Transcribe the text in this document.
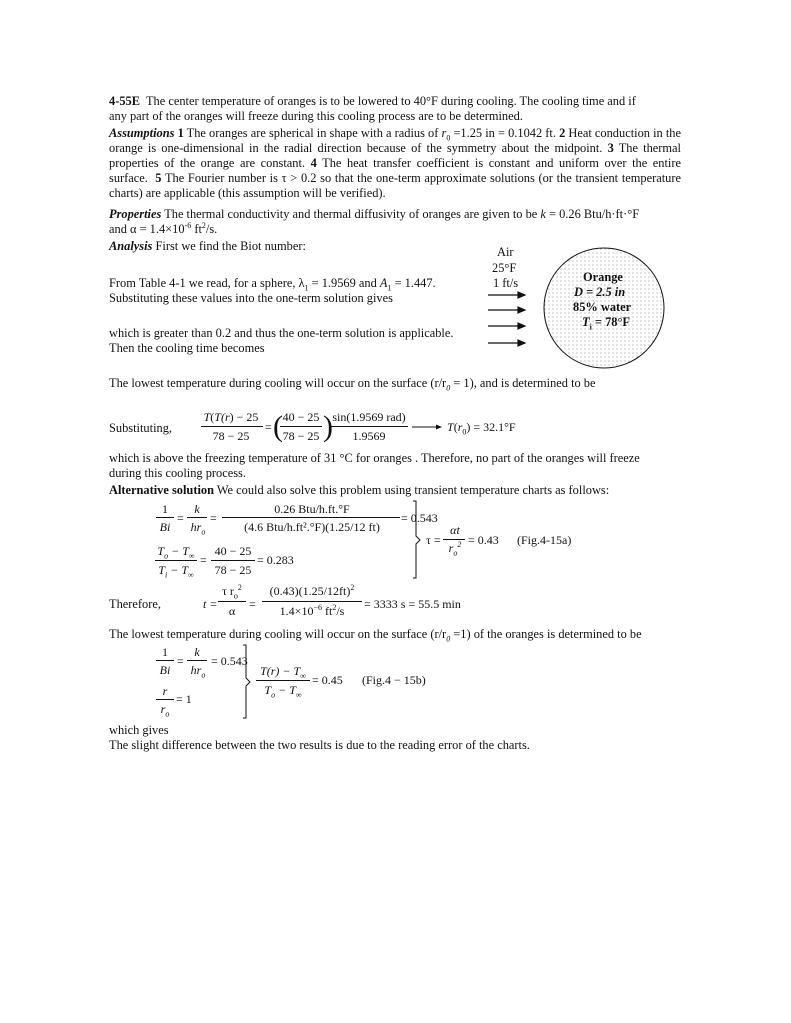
4-55E The center temperature of oranges is to be lowered to 40°F during cooling. The cooling time and if
any part of the oranges will freeze during this cooling process are to be determined.
Assumptions 1 The oranges are spherical in shape with a radius of $r_0 =1.25$ in = 0.1042 ft. 2 Heat conduction in the orange is one-dimensional in the radial direction because of the symmetry about the midpoint. 3 The thermal properties of the orange are constant. 4 The heat transfer coefficient is constant and uniform over the entire surface. 5 The Fourier number is τ > 0.2 so that the one-term approximate solutions (or the transient temperature charts) are applicable (this assumption will be verified).
Properties The thermal conductivity and thermal diffusivity of oranges are given to be k = 0.26 Btu/h·ft·°F
and $\alpha = 1.4\times 10^{-6}$ $ft^2/s$.
Analysis First we find the Biot number:
From Table 4-1 we read, for a sphere, $\lambda_1 = 1.9569$ and $A_1 = 1.447$.
Substituting these values into the one-term solution gives
which is greater than 0.2 and thus the one-term solution is applicable.
Then the cooling time becomes
Air
25°F
1 ft/s	Orange
D = 2.5 in
85% water
$T_i = 78^\circ F$
The lowest temperature during cooling will occur on the surface $(r/r_0 = 1)$, and is determined to be
Substituting,
T(T(r) − 25
78 − 25
= ( 40 − 25
78 − 25 ) sin(1.9569 rad)
1.9569
$T(r_0) = 32.1^\circ F$
which is above the freezing temperature of 31 °C for oranges . Therefore, no part of the oranges will freeze
during this cooling process.
Alternative solution We could also solve this problem using transient temperature charts as follows:
1
Bi
=
k
$hr_o$
=
0.26 Btu/h.ft.°F
(4.6 Btu/h.ft².°F)(1.25/12 ft)
= 0.543
$T_o - T_\infty$
$T_i - T_\infty$
=
40 − 25
78 − 25
= 0.283
τ =
αt
$r_o^2 = 0.43$ (Fig.4-15a)
Therefore,	t =
τ $r_o^2$
α	=
$(0.43)(1.25/12ft)^2$
$1.4\times 10^{-6}$ $ft^2/s$	= 3333 s = 55.5 min
The lowest temperature during cooling will occur on the surface $(r/r_0 =1)$ of the oranges is determined to be
1
Bi
=
k
$hr_o$
= 0.543
r
$r_o$
= 1
$T(r) - T_\infty$
$T_o - T_\infty$
= 0.45 (Fig.4 − 15b)
which gives
The slight difference between the two results is due to the reading error of the charts.
